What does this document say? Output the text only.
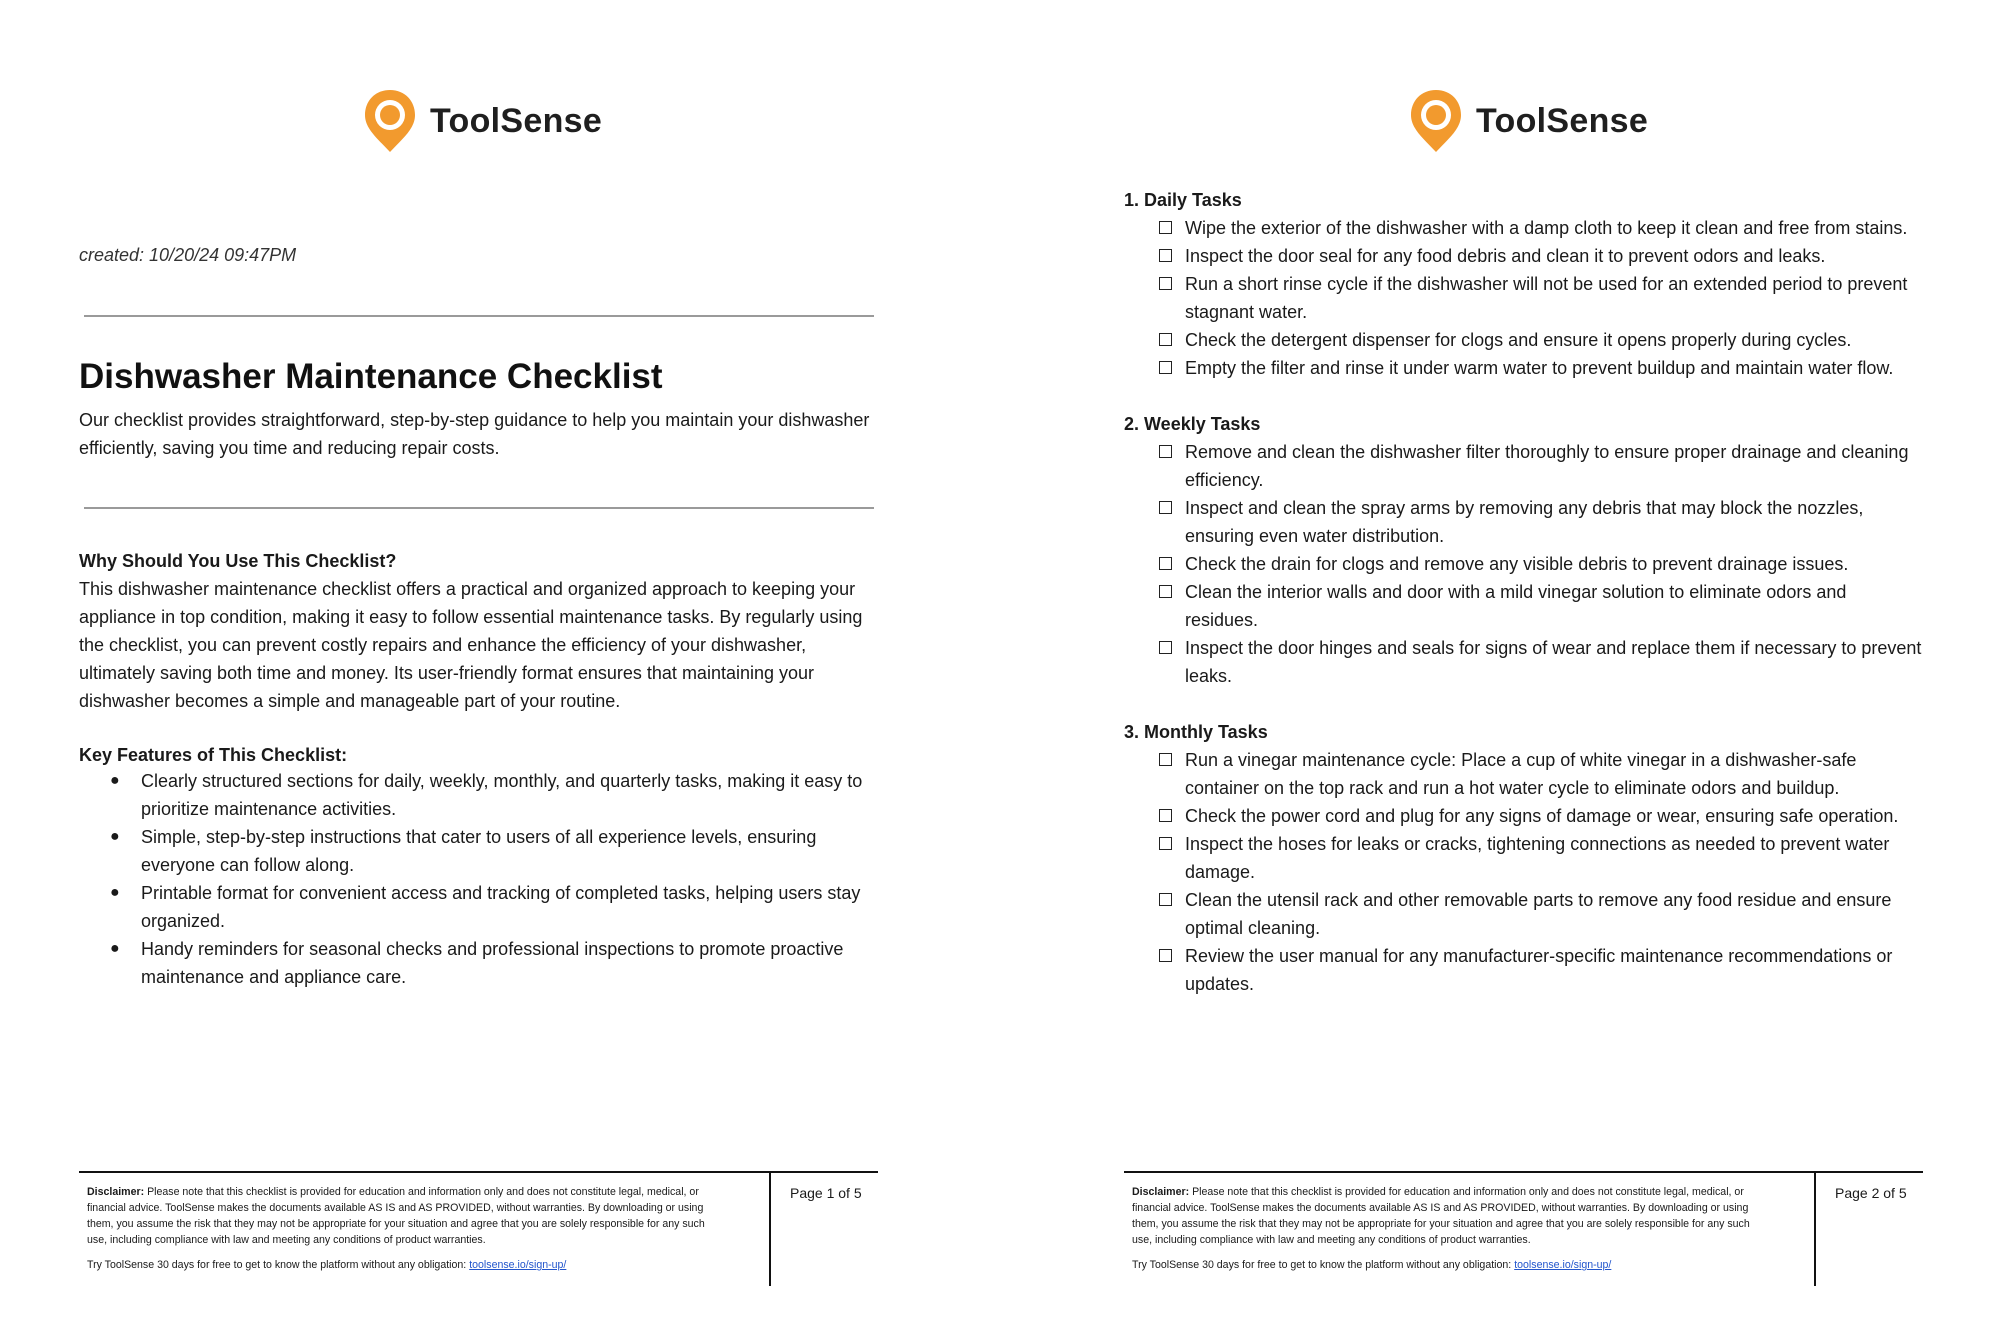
ToolSense
created: 10/20/24 09:47PM
Dishwasher Maintenance Checklist

Our checklist provides straightforward, step-by-step guidance to help you maintain your dishwasher efficiently, saving you time and reducing repair costs.

Why Should You Use This Checklist?

This dishwasher maintenance checklist offers a practical and organized approach to keeping your appliance in top condition, making it easy to follow essential maintenance tasks. By regularly using the checklist, you can prevent costly repairs and enhance the efficiency of your dishwasher, ultimately saving both time and money. Its user-friendly format ensures that maintaining your dishwasher becomes a simple and manageable part of your routine.

Key Features of This Checklist:
● Clearly structured sections for daily, weekly, monthly, and quarterly tasks, making it easy to prioritize maintenance activities.
● Simple, step-by-step instructions that cater to users of all experience levels, ensuring everyone can follow along.
● Printable format for convenient access and tracking of completed tasks, helping users stay organized.
● Handy reminders for seasonal checks and professional inspections to promote proactive maintenance and appliance care.
Disclaimer: Please note that this checklist is provided for education and information only and does not constitute legal, medical, or financial advice. ToolSense makes the documents available AS IS and AS PROVIDED, without warranties. By downloading or using them, you assume the risk that they may not be appropriate for your situation and agree that you are solely responsible for any such use, including compliance with law and meeting any conditions of product warranties.
Try ToolSense 30 days for free to get to know the platform without any obligation: toolsense.io/sign-up/
Page 1 of 5
ToolSense
1. Daily Tasks
Wipe the exterior of the dishwasher with a damp cloth to keep it clean and free from stains.
Inspect the door seal for any food debris and clean it to prevent odors and leaks.
Run a short rinse cycle if the dishwasher will not be used for an extended period to prevent stagnant water.
Check the detergent dispenser for clogs and ensure it opens properly during cycles.
Empty the filter and rinse it under warm water to prevent buildup and maintain water flow.
2. Weekly Tasks
Remove and clean the dishwasher filter thoroughly to ensure proper drainage and cleaning efficiency.
Inspect and clean the spray arms by removing any debris that may block the nozzles, ensuring even water distribution.
Check the drain for clogs and remove any visible debris to prevent drainage issues.
Clean the interior walls and door with a mild vinegar solution to eliminate odors and residues.
Inspect the door hinges and seals for signs of wear and replace them if necessary to prevent leaks.
3. Monthly Tasks
Run a vinegar maintenance cycle: Place a cup of white vinegar in a dishwasher-safe container on the top rack and run a hot water cycle to eliminate odors and buildup.
Check the power cord and plug for any signs of damage or wear, ensuring safe operation.
Inspect the hoses for leaks or cracks, tightening connections as needed to prevent water damage.
Clean the utensil rack and other removable parts to remove any food residue and ensure optimal cleaning.
Review the user manual for any manufacturer-specific maintenance recommendations or updates.
Disclaimer: Please note that this checklist is provided for education and information only and does not constitute legal, medical, or financial advice. ToolSense makes the documents available AS IS and AS PROVIDED, without warranties. By downloading or using them, you assume the risk that they may not be appropriate for your situation and agree that you are solely responsible for any such use, including compliance with law and meeting any conditions of product warranties.
Try ToolSense 30 days for free to get to know the platform without any obligation: toolsense.io/sign-up/
Page 2 of 5
